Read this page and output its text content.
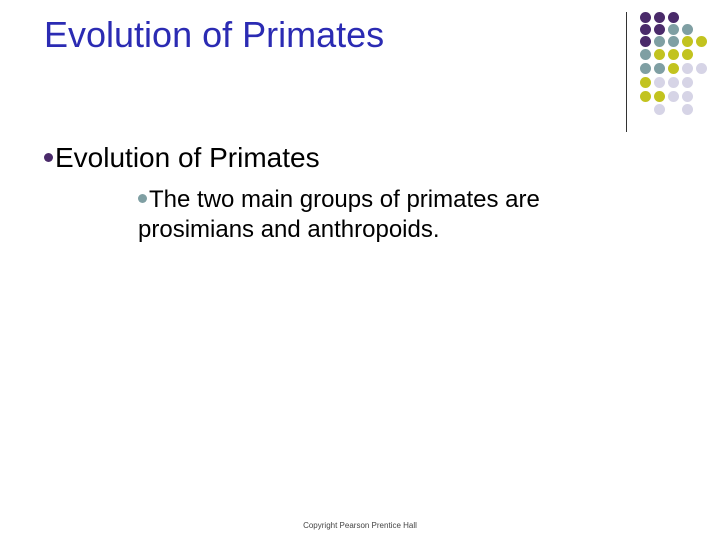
Evolution of Primates
Evolution of Primates
The two main groups of primates are prosimians and anthropoids.
Copyright Pearson Prentice Hall
